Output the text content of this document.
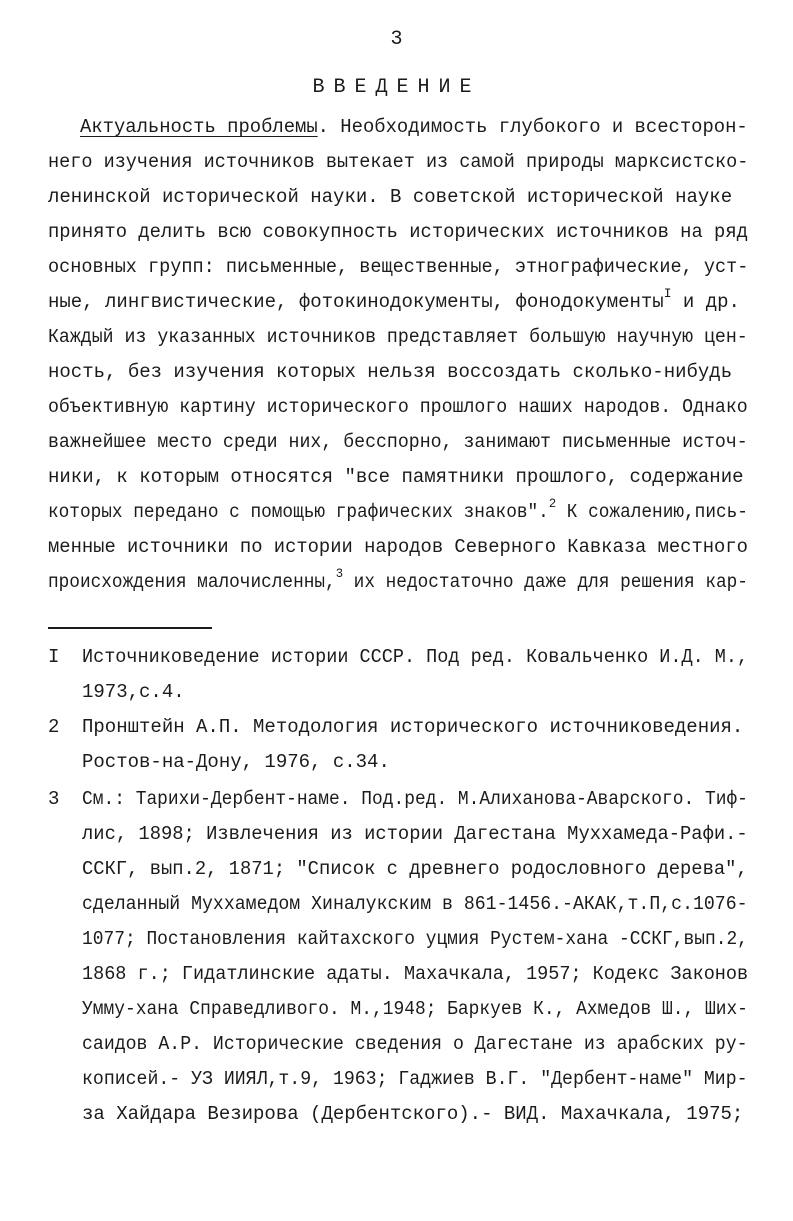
3
ВВЕДЕНИЕ
Актуальность проблемы. Необходимость глубокого и всесторон-
него изучения источников вытекает из самой природы марксистско-
ленинской исторической науки. В советской исторической науке
принято делить всю совокупность исторических источников на ряд
основных групп: письменные, вещественные, этнографические, уст-
ные, лингвистические, фотокинодокументы, фонодокументы$^I$ и др.
Каждый из указанных источников представляет большую научную цен-
ность, без изучения которых нельзя воссоздать сколько-нибудь
объективную картину исторического прошлого наших народов. Однако
важнейшее место среди них, бесспорно, занимают письменные источ-
ники, к которым относятся "все памятники прошлого, содержание
которых передано с помощью графических знаков".$^2$ К сожалению,пись-
менные источники по истории народов Северного Кавказа местного
происхождения малочисленны,$^3$ их недостаточно даже для решения кар-
I Источниковедение истории СССР. Под ред. Ковальченко И.Д. М.,
1973,с.4.
2 Пронштейн А.П. Методология исторического источниковедения.
Ростов-на-Дону, 1976, с.34.
3 См.: Тарихи-Дербент-наме. Под.ред. М.Алиханова-Аварского. Тиф-
лис, 1898; Извлечения из истории Дагестана Муххамеда-Рафи.-
ССКГ, вып.2, 1871; "Список с древнего родословного дерева",
сделанный Муххамедом Хиналукским в 861-1456.-АКАК,т.П,с.1076-
1077; Постановления кайтахского уцмия Рустем-хана -ССКГ,вып.2,
1868 г.; Гидатлинские адаты. Махачкала, 1957; Кодекс Законов
Умму-хана Справедливого. М.,1948; Баркуев К., Ахмедов Ш., Ших-
саидов А.Р. Исторические сведения о Дагестане из арабских ру-
кописей.- УЗ ИИЯЛ,т.9, 1963; Гаджиев В.Г. "Дербент-наме" Мир-
за Хайдара Везирова (Дербентского).- ВИД. Махачкала, 1975;
